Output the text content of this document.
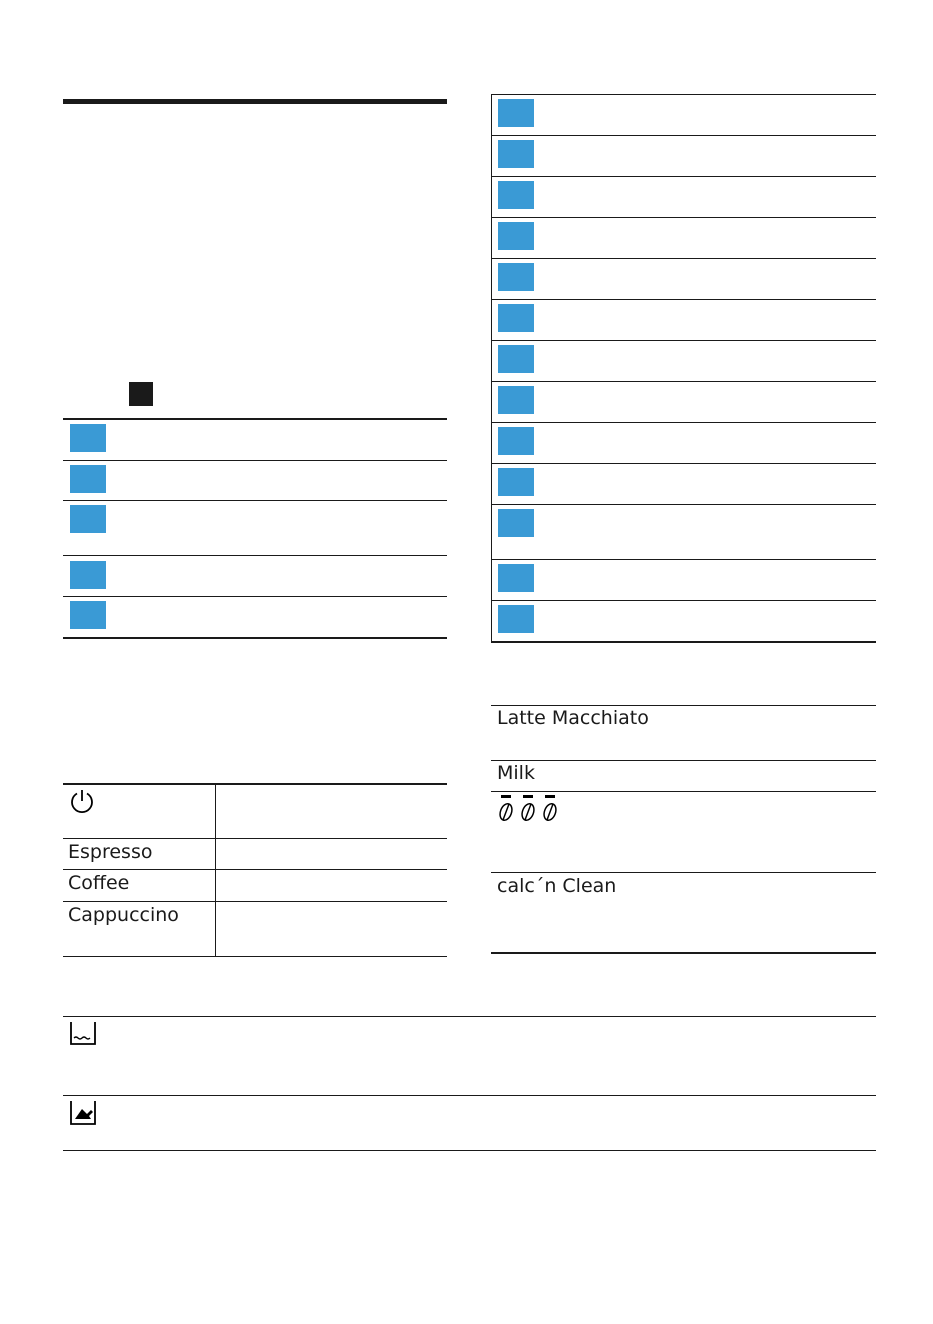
Espresso
Coffee
Cappuccino
Latte Macchiato
Milk
calc´n Clean
